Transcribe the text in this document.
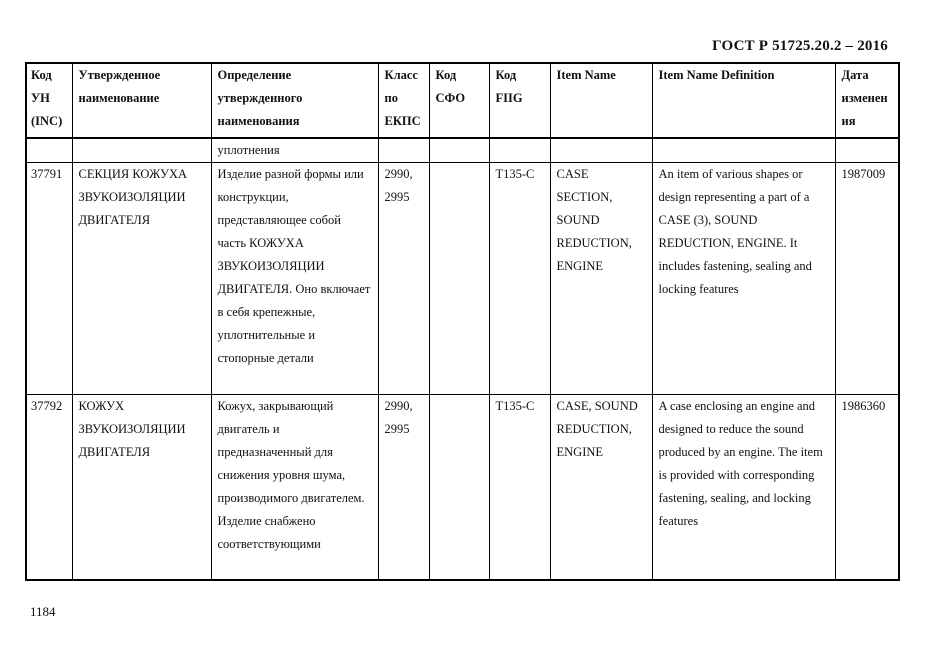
ГОСТ Р 51725.20.2 – 2016
Код УН (INC)	Утвержденное наименование	Определение утвержденного наименования	Класс по ЕКПС	Код СФО	Код FIIG	Item Name	Item Name Definition	Дата изменен ия
		уплотнения						
37791	СЕКЦИЯ КОЖУХА ЗВУКОИЗОЛЯЦИИ ДВИГАТЕЛЯ	Изделие разной формы или конструкции, представляющее собой часть КОЖУХА ЗВУКОИЗОЛЯЦИИ ДВИГАТЕЛЯ. Оно включает в себя крепежные, уплотнительные и стопорные детали	2990, 2995		T135-C	CASE SECTION, SOUND REDUCTION, ENGINE	An item of various shapes or design representing a part of a CASE (3), SOUND REDUCTION, ENGINE. It includes fastening, sealing and locking features	1987009
37792	КОЖУХ ЗВУКОИЗОЛЯЦИИ ДВИГАТЕЛЯ	Кожух, закрывающий двигатель и предназначенный для снижения уровня шума, производимого двигателем. Изделие снабжено соответствующими	2990, 2995		T135-C	CASE, SOUND REDUCTION, ENGINE	A case enclosing an engine and designed to reduce the sound produced by an engine. The item is provided with corresponding fastening, sealing, and locking features	1986360
1184
